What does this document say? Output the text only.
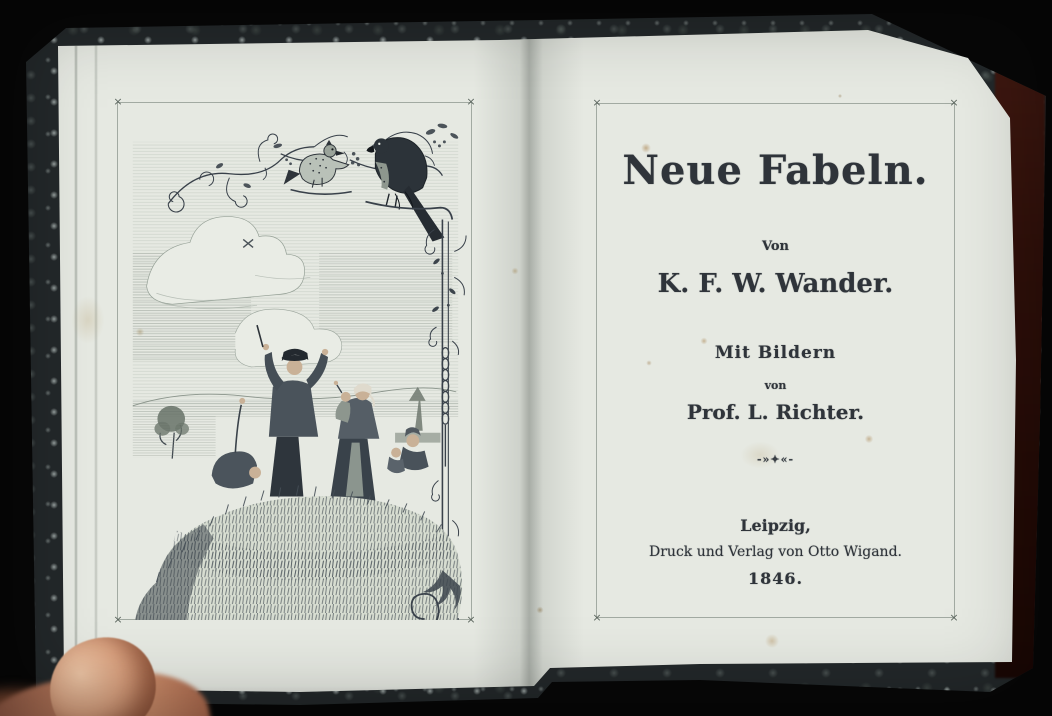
×	×
×	×
×	×
×	×
Neue Fabeln.
Von
K. F. W. Wander.
Mit Bildern
von
Prof. L. Richter.
-»✦«-
Leipzig,
Druck und Verlag von Otto Wigand.
1846.
